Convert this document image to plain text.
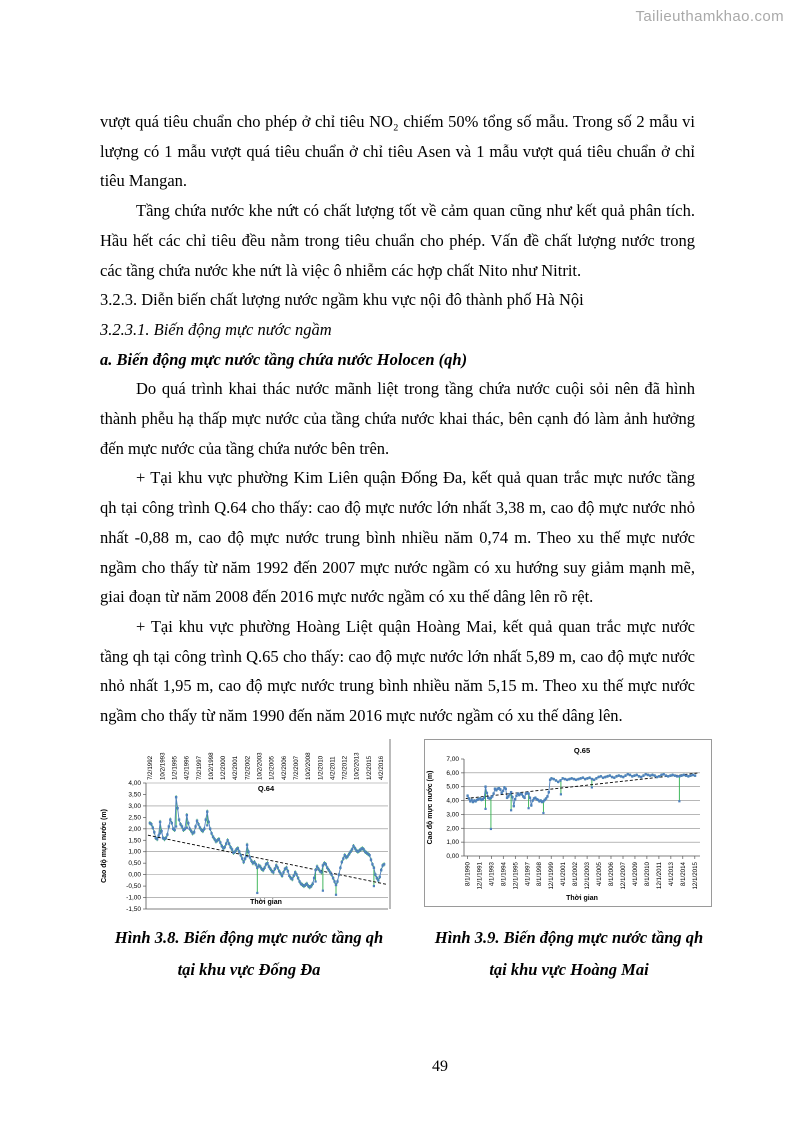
Tailieuthamkhao.com

vượt quá tiêu chuẩn cho phép ở chỉ tiêu NO₂ chiếm 50% tổng số mẫu. Trong số 2 mẫu vi lượng có 1 mẫu vượt quá tiêu chuẩn ở chỉ tiêu Asen và 1 mẫu vượt quá tiêu chuẩn ở chỉ tiêu Mangan.

Tầng chứa nước khe nứt có chất lượng tốt về cảm quan cũng như kết quả phân tích. Hầu hết các chỉ tiêu đều nằm trong tiêu chuẩn cho phép. Vấn đề chất lượng nước trong các tầng chứa nước khe nứt là việc ô nhiễm các hợp chất Nito như Nitrit.

3.2.3. Diễn biến chất lượng nước ngầm khu vực nội đô thành phố Hà Nội

3.2.3.1. Biến động mực nước ngầm

a. Biến động mực nước tầng chứa nước Holocen (qh)

Do quá trình khai thác nước mãnh liệt trong tầng chứa nước cuội sỏi nên đã hình thành phễu hạ thấp mực nước của tầng chứa nước khai thác, bên cạnh đó làm ảnh hưởng đến mực nước của tầng chứa nước bên trên.

+ Tại khu vực phường Kim Liên quận Đống Đa, kết quả quan trắc mực nước tầng qh tại công trình Q.64 cho thấy: cao độ mực nước lớn nhất 3,38 m, cao độ mực nước nhỏ nhất -0,88 m, cao độ mực nước trung bình nhiều năm 0,74 m. Theo xu thế mực nước ngầm cho thấy từ năm 1992 đến 2007 mực nước ngầm có xu hướng suy giảm mạnh mẽ, giai đoạn từ năm 2008 đến 2016 mực nước ngầm có xu thế dâng lên rõ rệt.

+ Tại khu vực phường Hoàng Liệt quận Hoàng Mai, kết quả quan trắc mực nước tầng qh tại công trình Q.65 cho thấy: cao độ mực nước lớn nhất 5,89 m, cao độ mực nước nhỏ nhất 1,95 m, cao độ mực nước trung bình nhiều năm 5,15 m. Theo xu thế mực nước ngầm cho thấy từ năm 1990 đến năm 2016 mực nước ngầm có xu thế dâng lên.

4,00
3,50
3,00
2,50
2,00
1,50
1,00
0,50
0,00
-0,50
-1,00
-1,50
7/2/1992 10/2/1993 1/2/1995 4/2/1996 7/2/1997 10/2/1998 1/2/2000 4/2/2001 7/2/2002 10/2/2003 1/2/2005 4/2/2006 7/2/2007 10/2/2008 1/2/2010 4/2/2011 7/2/2012 10/2/2013 1/2/2015 4/2/2016
Q.64
Thời gian
Cao độ mực nước (m)
7,00
6,00
5,00
4,00
3,00
2,00
1,00
0,00
8/1/1990 12/1/1991 4/1/1993 8/1/1994 12/1/1995 4/1/1997 8/1/1998 12/1/1999 4/1/2001 8/1/2002 12/1/2003 4/1/2005 8/1/2006 12/1/2007 4/1/2009 8/1/2010 12/1/2011 4/1/2013 8/1/2014 12/1/2015
Q.65
Thời gian
Cao độ mực nước (m)
Hình 3.8. Biến động mực nước tầng qh
tại khu vực Đống Đa
Hình 3.9. Biến động mực nước tầng qh
tại khu vực Hoàng Mai
49
